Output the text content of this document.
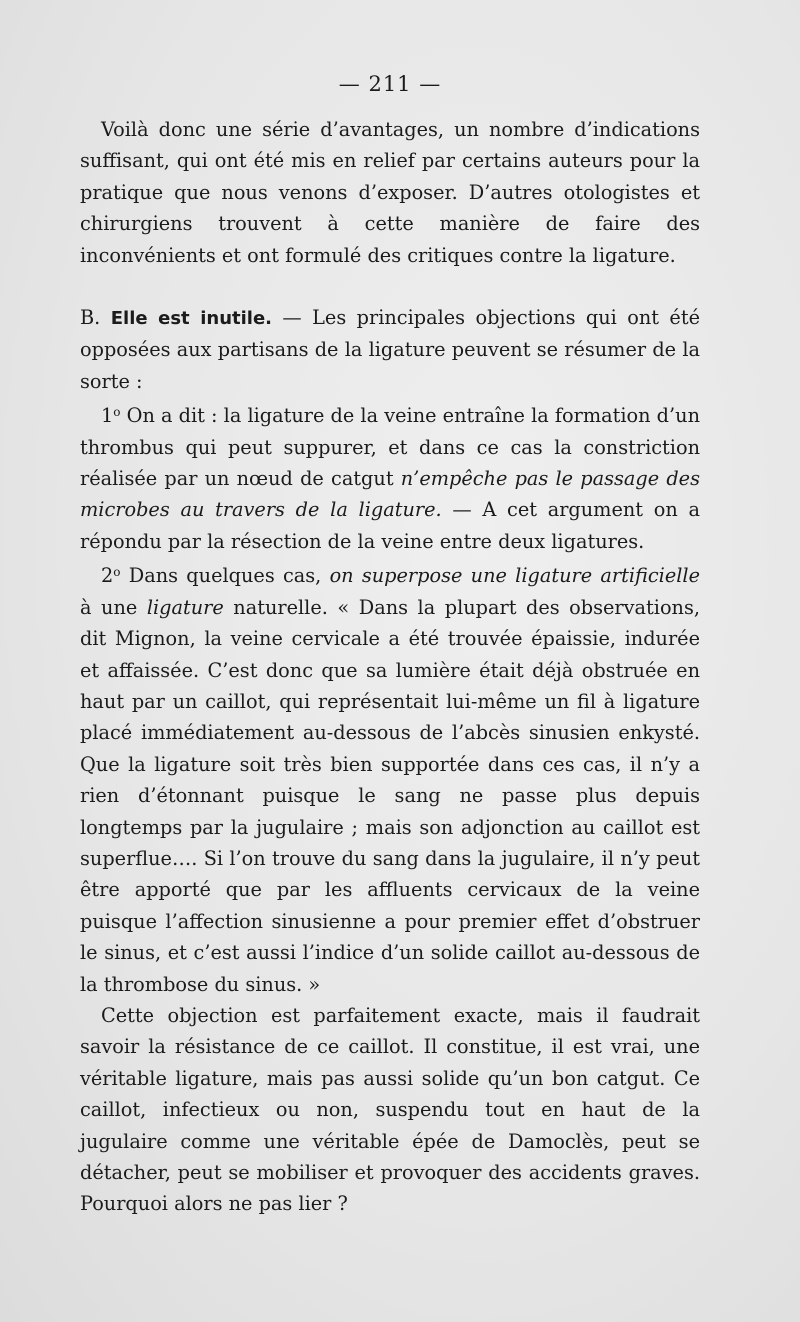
— 211 —

Voilà donc une série d’avantages, un nombre d’indications suffisant, qui ont été mis en relief par certains auteurs pour la pratique que nous venons d’exposer. D’autres otologistes et chirurgiens trouvent à cette manière de faire des inconvénients et ont formulé des critiques contre la ligature.

B. Elle est inutile. — Les principales objections qui ont été opposées aux partisans de la ligature peuvent se résumer de la sorte :

1$^o$ On a dit : la ligature de la veine entraîne la formation d’un thrombus qui peut suppurer, et dans ce cas la constriction réalisée par un nœud de catgut n’empêche pas le passage des microbes au travers de la ligature. — A cet argument on a répondu par la résection de la veine entre deux ligatures.

2$^o$ Dans quelques cas, on superpose une ligature artificielle à une ligature naturelle. « Dans la plupart des observations, dit Mignon, la veine cervicale a été trouvée épaissie, indurée et affaissée. C’est donc que sa lumière était déjà obstruée en haut par un caillot, qui représentait lui-même un fil à ligature placé immédiatement au-dessous de l’abcès sinusien enkysté. Que la ligature soit très bien supportée dans ces cas, il n’y a rien d’étonnant puisque le sang ne passe plus depuis longtemps par la jugulaire ; mais son adjonction au caillot est superflue…. Si l’on trouve du sang dans la jugulaire, il n’y peut être apporté que par les affluents cervicaux de la veine puisque l’affection sinusienne a pour premier effet d’obstruer le sinus, et c’est aussi l’indice d’un solide caillot au-dessous de la thrombose du sinus. »

Cette objection est parfaitement exacte, mais il faudrait savoir la résistance de ce caillot. Il constitue, il est vrai, une véritable ligature, mais pas aussi solide qu’un bon catgut. Ce caillot, infectieux ou non, suspendu tout en haut de la jugulaire comme une véritable épée de Damoclès, peut se détacher, peut se mobiliser et provoquer des accidents graves. Pourquoi alors ne pas lier ?
